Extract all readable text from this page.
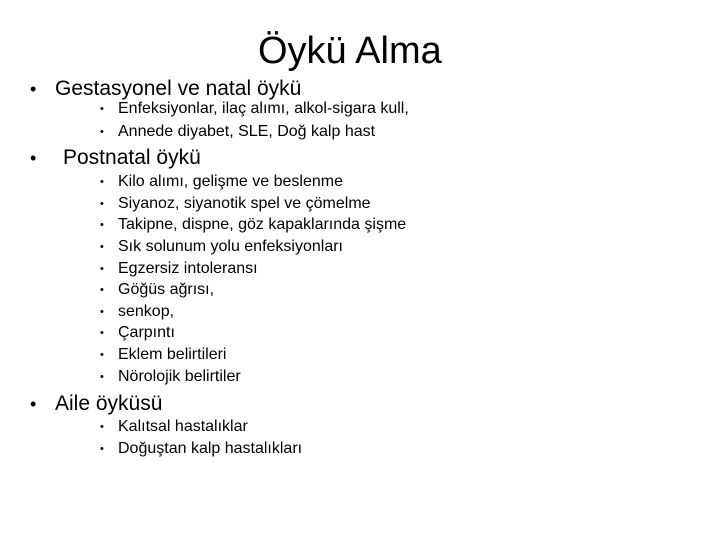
Öykü Alma
• Gestasyonel ve natal öykü
• Enfeksiyonlar, ilaç alımı, alkol-sigara kull,
• Annede diyabet, SLE, Doğ kalp hast
• Postnatal öykü
• Kilo alımı, gelişme ve beslenme
• Siyanoz, siyanotik spel ve çömelme
• Takipne, dispne, göz kapaklarında şişme
• Sık solunum yolu enfeksiyonları
• Egzersiz intoleransı
• Göğüs ağrısı,
• senkop,
• Çarpıntı
• Eklem belirtileri
• Nörolojik belirtiler
• Aile öyküsü
• Kalıtsal hastalıklar
• Doğuştan kalp hastalıkları
